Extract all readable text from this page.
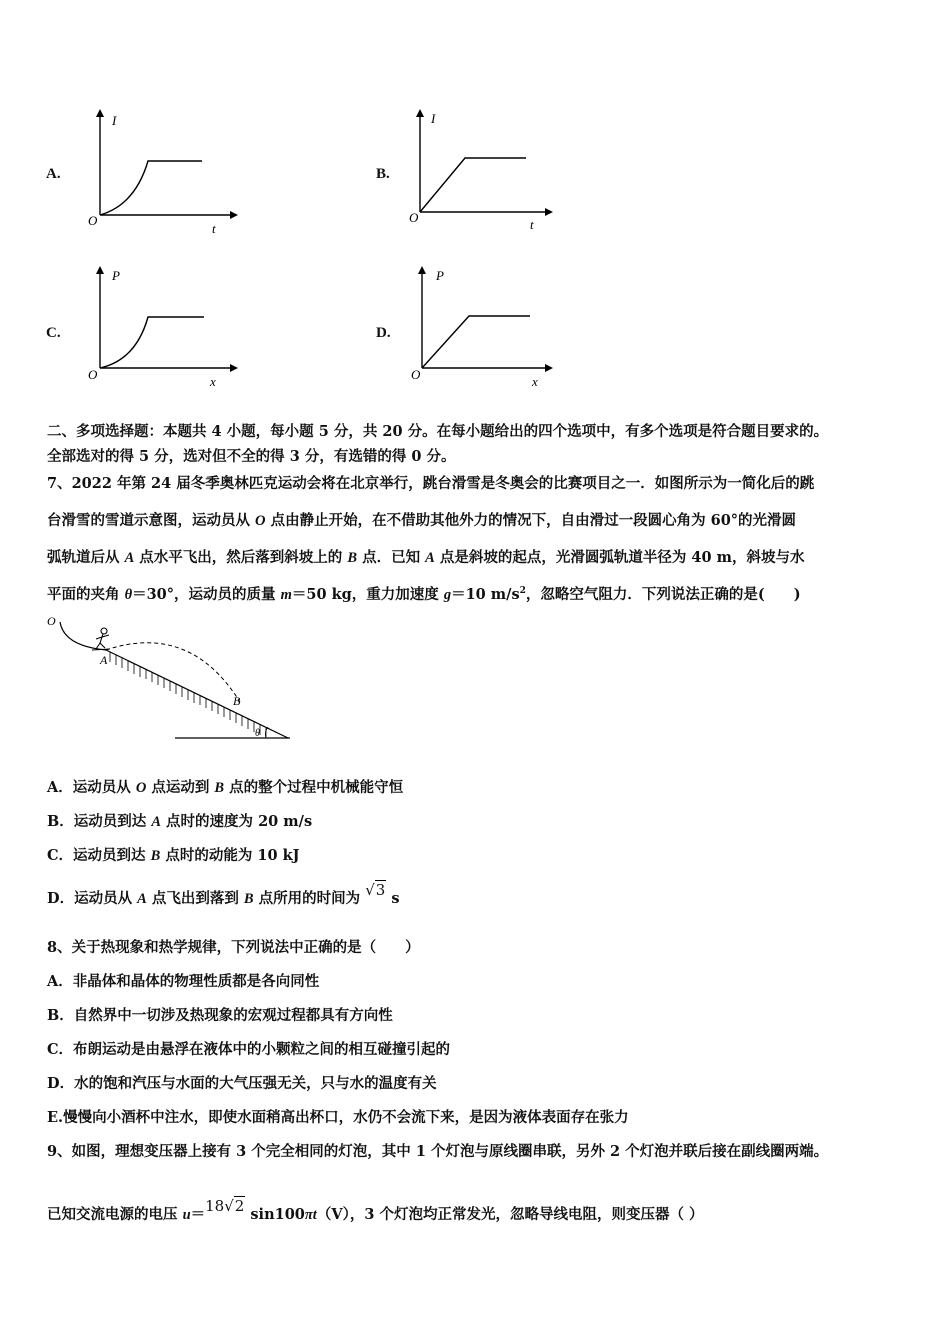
A.
I
O
t
B.
I
O	t
C.
P
O	x
D.
P
O	x
二、多项选择题：本题共 4 小题，每小题 5 分，共 20 分。在每小题给出的四个选项中，有多个选项是符合题目要求的。
全部选对的得 5 分，选对但不全的得 3 分，有选错的得 0 分。
7、2022 年第 24 届冬季奥林匹克运动会将在北京举行，跳台滑雪是冬奥会的比赛项目之一．如图所示为一简化后的跳
台滑雪的雪道示意图，运动员从 O 点由静止开始，在不借助其他外力的情况下，自由滑过一段圆心角为 60°的光滑圆
弧轨道后从 A 点水平飞出，然后落到斜坡上的 B 点．已知 A 点是斜坡的起点，光滑圆弧轨道半径为 40 m，斜坡与水
平面的夹角 θ＝30°，运动员的质量 m＝50 kg，重力加速度 g＝10 $m/s^2$，忽略空气阻力．下列说法正确的是(　　)
O
A
B
θ
A．运动员从 O 点运动到 B 点的整个过程中机械能守恒
B．运动员到达 A 点时的速度为 20 m/s
C．运动员到达 B 点时的动能为 10 kJ
D．运动员从 A 点飞出到落到 B 点所用的时间为 √3 s
8、关于热现象和热学规律，下列说法中正确的是（　　）
A．非晶体和晶体的物理性质都是各向同性
B．自然界中一切涉及热现象的宏观过程都具有方向性
C．布朗运动是由悬浮在液体中的小颗粒之间的相互碰撞引起的
D．水的饱和汽压与水面的大气压强无关，只与水的温度有关
E.慢慢向小酒杯中注水，即使水面稍高出杯口，水仍不会流下来，是因为液体表面存在张力
9、如图，理想变压器上接有 3 个完全相同的灯泡，其中 1 个灯泡与原线圈串联，另外 2 个灯泡并联后接在副线圈两端。
已知交流电源的电压 u＝18√2 sin100πt（V），3 个灯泡均正常发光，忽略导线电阻，则变压器（ ）
